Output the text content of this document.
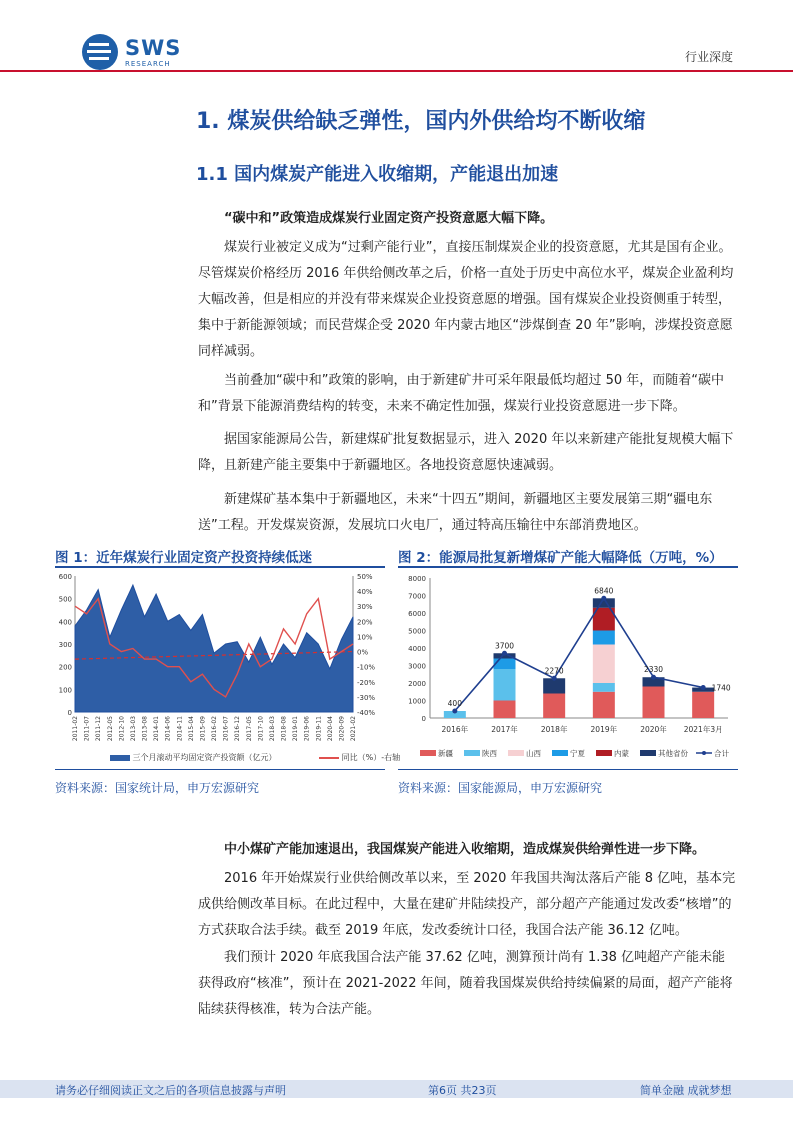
SWS
RESEARCH	行业深度
1. 煤炭供给缺乏弹性，国内外供给均不断收缩
1.1 国内煤炭产能进入收缩期，产能退出加速
“碳中和”政策造成煤炭行业固定资产投资意愿大幅下降。

煤炭行业被定义成为“过剩产能行业”，直接压制煤炭企业的投资意愿，尤其是国有企业。尽管煤炭价格经历 2016 年供给侧改革之后，价格一直处于历史中高位水平，煤炭企业盈利均大幅改善，但是相应的并没有带来煤炭企业投资意愿的增强。国有煤炭企业投资侧重于转型，集中于新能源领域；而民营煤企受 2020 年内蒙古地区“涉煤倒查 20 年”影响，涉煤投资意愿同样减弱。

当前叠加“碳中和”政策的影响，由于新建矿井可采年限最低均超过 50 年，而随着“碳中和”背景下能源消费结构的转变，未来不确定性加强，煤炭行业投资意愿进一步下降。

据国家能源局公告，新建煤矿批复数据显示，进入 2020 年以来新建产能批复规模大幅下降，且新建产能主要集中于新疆地区。各地投资意愿快速减弱。

新建煤矿基本集中于新疆地区，未来“十四五”期间，新疆地区主要发展第三期“疆电东送”工程。开发煤炭资源，发展坑口火电厂，通过特高压输往中东部消费地区。

图 1：近年煤炭行业固定资产投资持续低迷
0
100
200
300
400
500
600
-40%
-30%
-20%
-10%
0%
10%
20%
30%
40%
50%
2011-02 2011-07 2011-12 2012-05 2012-10 2013-03 2013-08 2014-01 2014-06 2014-11 2015-04 2015-09 2016-02 2016-07 2016-12 2017-05 2017-10 2018-03 2018-08 2019-01 2019-06 2019-11 2020-04 2020-09 2021-02
三个月滚动平均固定资产投资额（亿元）	同比（%）-右轴
资料来源：国家统计局，申万宏源研究
图 2：能源局批复新增煤矿产能大幅降低（万吨，%）
400
3700
2270
6840
2330
1740
0
1000
2000
3000
4000
5000
6000
7000
8000
2016年	2017年	2018年	2019年	2020年 2021年3月
新疆	陕西	山西	宁夏	内蒙	其他省份	合计
资料来源：国家能源局，申万宏源研究
中小煤矿产能加速退出，我国煤炭产能进入收缩期，造成煤炭供给弹性进一步下降。

2016 年开始煤炭行业供给侧改革以来，至 2020 年我国共淘汰落后产能 8 亿吨，基本完成供给侧改革目标。在此过程中，大量在建矿井陆续投产，部分超产产能通过发改委“核增”的方式获取合法手续。截至 2019 年底，发改委统计口径，我国合法产能 36.12 亿吨。

我们预计 2020 年底我国合法产能 37.62 亿吨，测算预计尚有 1.38 亿吨超产产能未能获得政府“核准”，预计在 2021-2022 年间，随着我国煤炭供给持续偏紧的局面，超产产能将陆续获得核准，转为合法产能。

请务必仔细阅读正文之后的各项信息披露与声明	第6页 共23页	简单金融 成就梦想
